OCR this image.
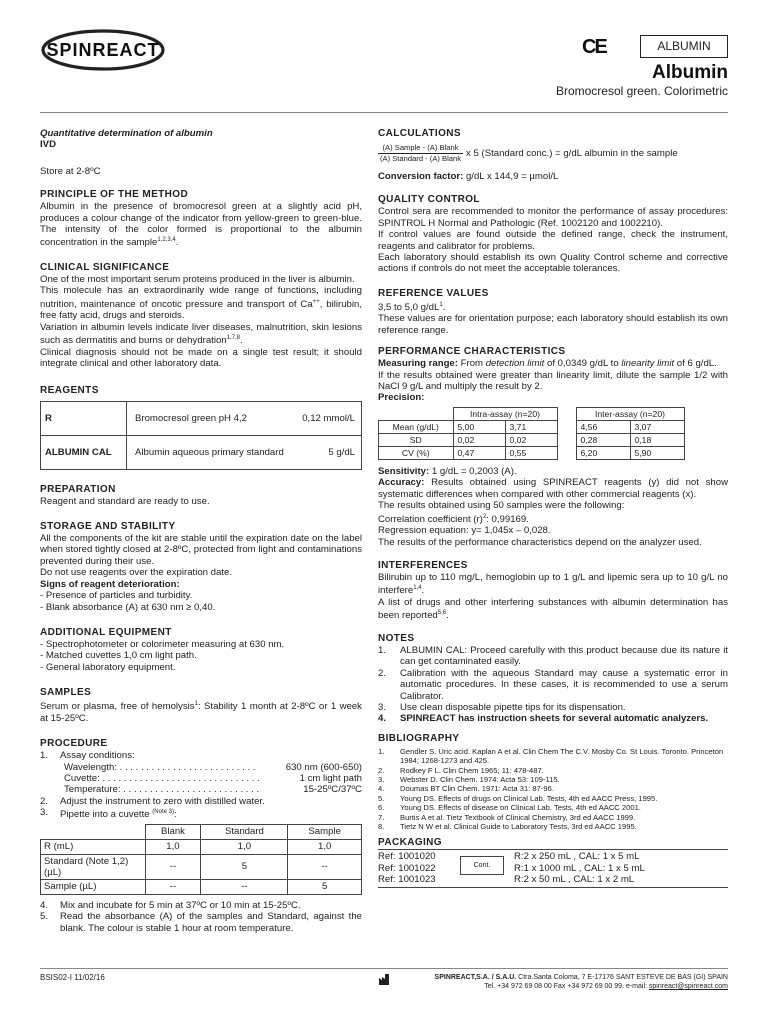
SPINREACT	CE	ALBUMIN
Albumin
Bromocresol green. Colorimetric

Quantitative determination of albumin

IVD

Store at 2-8ºC

PRINCIPLE OF THE METHOD

Albumin in the presence of bromocresol green at a slightly acid pH, produces a colour change of the indicator from yellow-green to green-blue. The intensity of the color formed is proportional to the albumin concentration in the sample$^{1,2,3,4}$.

CLINICAL SIGNIFICANCE

One of the most important serum proteins produced in the liver is albumin.

This molecule has an extraordinarily wide range of functions, including nutrition, maintenance of oncotic pressure and transport of Ca++, bilirubin, free fatty acid, drugs and steroids.

Variation in albumin levels indicate liver diseases, malnutrition, skin lesions such as dermatitis and burns or dehydration$^{1,7,8}$.

Clinical diagnosis should not be made on a single test result; it should integrate clinical and other laboratory data.

REAGENTS

R	Bromocresol green pH 4,2	0,12 mmol/L
ALBUMIN CAL	Albumin aqueous primary standard	5 g/dL

PREPARATION

Reagent and standard are ready to use.

STORAGE AND STABILITY

All the components of the kit are stable until the expiration date on the label when stored tightly closed at 2-8ºC, protected from light and contaminations prevented during their use.

Do not use reagents over the expiration date.

Signs of reagent deterioration:

- Presence of particles and turbidity.

- Blank absorbance (A) at 630 nm ≥ 0,40.

ADDITIONAL EQUIPMENT

- Spectrophotometer or colorimeter measuring at 630 nm.

- Matched cuvettes 1,0 cm light path.

- General laboratory equipment.

SAMPLES

Serum or plasma, free of hemolysis$^1$: Stability 1 month at 2-8ºC or 1 week at 15-25ºC.

PROCEDURE

1.	Assay conditions:
Wavelength: . . . . . . . . . . . . . . . . . . . . . . . . . .	630 nm (600-650)
Cuvette: . . . . . . . . . . . . . . . . . . . . . . . . . . . . . .	1 cm light path
Temperature: . . . . . . . . . . . . . . . . . . . . . . . . . .	15-25ºC/37ºC
2.	Adjust the instrument to zero with distilled water.
3.	Pipette into a cuvette $^{(Note 3)}$:
	Blank	Standard	Sample
R (mL)	1,0	1,0	1,0
Standard (Note 1,2) (µL)	--	5	--
Sample (µL)	--	--	5
4.	Mix and incubate for 5 min at 37ºC or 10 min at 15-25ºC.
5.	Read the absorbance (A) of the samples and Standard, against the blank. The colour is stable 1 hour at room temperature.

CALCULATIONS

(A) Sample - (A) Blank
(A) Standard - (A) Blank x 5 (Standard conc.) = g/dL albumin in the sample

Conversion factor: g/dL x 144,9 = µmol/L

QUALITY CONTROL

Control sera are recommended to monitor the performance of assay procedures: SPINTROL H Normal and Pathologic (Ref. 1002120 and 1002210).

If control values are found outside the defined range, check the instrument, reagents and calibrator for problems.

Each laboratory should establish its own Quality Control scheme and corrective actions if controls do not meet the acceptable tolerances.

REFERENCE VALUES

3,5 to 5,0 $g/dL^1$.

These values are for orientation purpose; each laboratory should establish its own reference range.

PERFORMANCE CHARACTERISTICS

Measuring range: From detection limit of 0,0349 g/dL to linearity limit of 6 g/dL.

If the results obtained were greater than linearity limit, dilute the sample 1/2 with NaCl 9 g/L and multiply the result by 2.

Precision:

	Intra-assay (n=20)			Inter-assay (n=20)	
Mean (g/dL)	5,00	3,71		4,56	3,07
SD	0,02	0,02		0,28	0,18
CV (%)	0,47	0,55		6,20	5,90

Sensitivity: 1 g/dL = 0,2003 (A).

Accuracy: Results obtained using SPINREACT reagents (y) did not show systematic differences when compared with other commercial reagents (x).

The results obtained using 50 samples were the following:

Correlation coefficient $(r)^2$: 0,99169.

Regression equation: y= 1,045x – 0,028.

The results of the performance characteristics depend on the analyzer used.

INTERFERENCES

Bilirubin up to 110 mg/L, hemoglobin up to 1 g/L and lipemic sera up to 10 g/L no interfere$^{1,4}$.

A list of drugs and other interfering substances with albumin determination has been reported$^{5,6}$.

NOTES

1.	ALBUMIN CAL: Proceed carefully with this product because due its nature it can get contaminated easily.
2.	Calibration with the aqueous Standard may cause a systematic error in automatic procedures. In these cases, it is recommended to use a serum Calibrator.
3.	Use clean disposable pipette tips for its dispensation.
4.	SPINREACT has instruction sheets for several automatic analyzers.

BIBLIOGRAPHY

1.	Gendler S. Uric acid. Kaplan A et al. Clin Chem The C.V. Mosby Co. St Louis. Toronto. Princeton 1984; 1268-1273 and 425.
2.	Rodkey F L. Clin Chem 1965; 11: 478-487.
3.	Webster D. Clin Chem. 1974: Acta 53: 109-115.
4.	Doumas BT Clin Chem. 1971: Acta 31: 87-96.
5.	Young DS. Effects of drugs on Clinical Lab. Tests, 4th ed AACC Press, 1995.
6.	Young DS. Effects of disease on Clinical Lab. Tests, 4th ed AACC 2001.
7.	Burtis A et al. Tietz Textbook of Clinical Chemistry, 3rd ed AACC 1999.
8.	Tietz N W et al. Clinical Guide to Laboratory Tests, 3rd ed AACC 1995.

PACKAGING

Ref: 1001020	R:2 x 250 mL , CAL: 1 x 5 mL
Ref: 1001022	R:1 x 1000 mL , CAL: 1 x 5 mL
Ref: 1001023	R:2 x 50 mL , CAL: 1 x 2 mL
Cont.
BSIS02-I 11/02/16	SPINREACT,S.A. / S.A.U. Ctra.Santa Coloma, 7 E-17176 SANT ESTEVE DE BAS (GI) SPAIN
Tel. +34 972 69 08 00 Fax +34 972 69 00 99. e-mail: spinreact@spinreact.com
